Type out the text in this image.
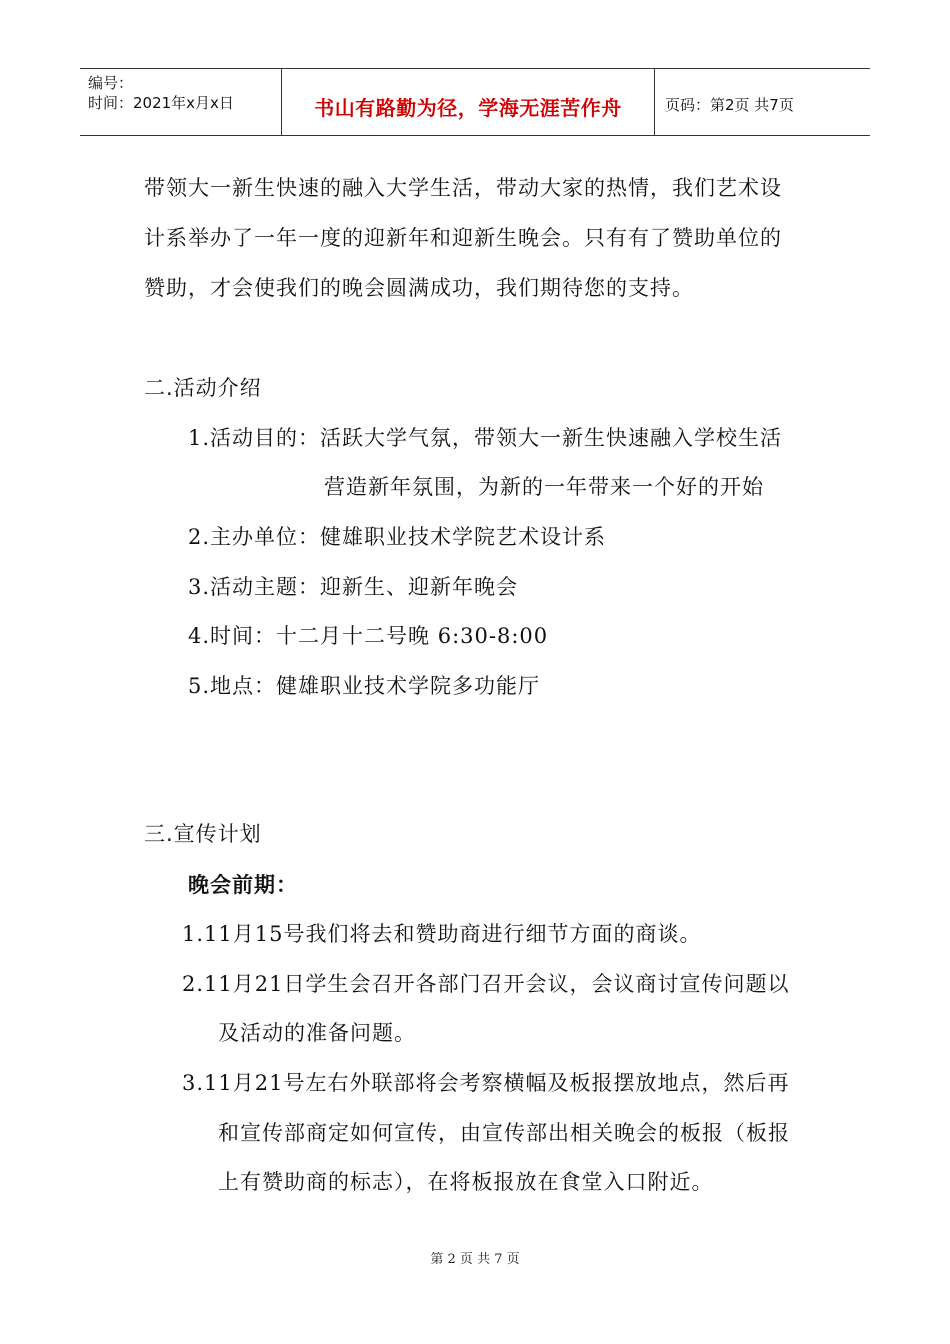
编号：
时间：2021年x月x日	书山有路勤为径，学海无涯苦作舟	页码：第2页 共7页
带领大一新生快速的融入大学生活，带动大家的热情，我们艺术设
计系举办了一年一度的迎新年和迎新生晚会。只有有了赞助单位的
赞助，才会使我们的晚会圆满成功，我们期待您的支持。
二.活动介绍
1.活动目的：活跃大学气氛，带领大一新生快速融入学校生活
营造新年氛围，为新的一年带来一个好的开始
2.主办单位：健雄职业技术学院艺术设计系
3.活动主题：迎新生、迎新年晚会
4.时间：十二月十二号晚 6:30-8:00
5.地点：健雄职业技术学院多功能厅
三.宣传计划
晚会前期：
1.11月15号我们将去和赞助商进行细节方面的商谈。
2.11月21日学生会召开各部门召开会议，会议商讨宣传问题以
及活动的准备问题。
3.11月21号左右外联部将会考察横幅及板报摆放地点，然后再
和宣传部商定如何宣传，由宣传部出相关晚会的板报（板报
上有赞助商的标志），在将板报放在食堂入口附近。
第 2 页 共 7 页
